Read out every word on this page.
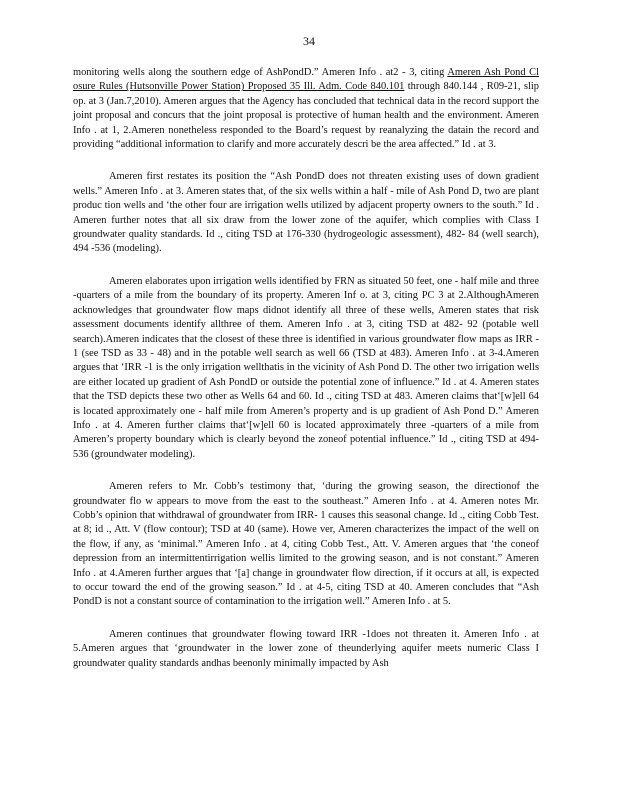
34

monitoring wells along the southern edge of AshPondD.” Ameren Info . at2 - 3, citing Ameren Ash Pond Cl osure Rules (Hutsonville Power Station) Proposed 35 Ill. Adm. Code 840.101 through 840.144 , R09-21, slip op. at 3 (Jan.7,2010). Ameren argues that the Agency has concluded that technical data in the record support the joint proposal and concurs that the joint proposal is protective of human health and the environment. Ameren Info . at 1, 2.Ameren nonetheless responded to the Board’s request by reanalyzing the datain the record and providing “additional information to clarify and more accurately descri be the area affected.” Id . at 3.

Ameren first restates its position the “Ash PondD does not threaten existing uses of down gradient wells.” Ameren Info . at 3. Ameren states that, of the six wells within a half - mile of Ash Pond D, two are plant produc tion wells and ‘the other four are irrigation wells utilized by adjacent property owners to the south.” Id . Ameren further notes that all six draw from the lower zone of the aquifer, which complies with Class I groundwater quality standards. Id ., citing TSD at 176-330 (hydrogeologic assessment), 482- 84 (well search), 494 -536 (modeling).

Ameren elaborates upon irrigation wells identified by FRN as situated 50 feet, one - half mile and three -quarters of a mile from the boundary of its property. Ameren Inf o. at 3, citing PC 3 at 2.AlthoughAmeren acknowledges that groundwater flow maps didnot identify all three of these wells, Ameren states that risk assessment documents identify allthree of them. Ameren Info . at 3, citing TSD at 482- 92 (potable well search).Ameren indicates that the closest of these three is identified in various groundwater flow maps as IRR - 1 (see TSD as 33 - 48) and in the potable well search as well 66 (TSD at 483). Ameren Info . at 3-4.Ameren argues that ‘IRR -1 is the only irrigation wellthatis in the vicinity of Ash Pond D. The other two irrigation wells are either located up gradient of Ash PondD or outside the potential zone of influence.” Id . at 4. Ameren states that the TSD depicts these two other as Wells 64 and 60. Id ., citing TSD at 483. Ameren claims that‘[w]ell 64 is located approximately one - half mile from Ameren’s property and is up gradient of Ash Pond D.” Ameren Info . at 4. Ameren further claims that‘[w]ell 60 is located approximately three -quarters of a mile from Ameren’s property boundary which is clearly beyond the zoneof potential influence.” Id ., citing TSD at 494-536 (groundwater modeling).

Ameren refers to Mr. Cobb’s testimony that, ‘during the growing season, the directionof the groundwater flo w appears to move from the east to the southeast.” Ameren Info . at 4. Ameren notes Mr. Cobb’s opinion that withdrawal of groundwater from IRR- 1 causes this seasonal change. Id ., citing Cobb Test. at 8; id ., Att. V (flow contour); TSD at 40 (same). Howe ver, Ameren characterizes the impact of the well on the flow, if any, as ‘minimal.” Ameren Info . at 4, citing Cobb Test., Att. V. Ameren argues that ‘the coneof depression from an intermittentirrigation wellis limited to the growing season, and is not constant.” Ameren Info . at 4.Ameren further argues that ‘[a] change in groundwater flow direction, if it occurs at all, is expected to occur toward the end of the growing season.” Id . at 4-5, citing TSD at 40. Ameren concludes that “Ash PondD is not a constant source of contamination to the irrigation well.” Ameren Info . at 5.

Ameren continues that groundwater flowing toward IRR -1does not threaten it. Ameren Info . at 5.Ameren argues that ‘groundwater in the lower zone of theunderlying aquifer meets numeric Class I groundwater quality standards andhas beenonly minimally impacted by Ash
